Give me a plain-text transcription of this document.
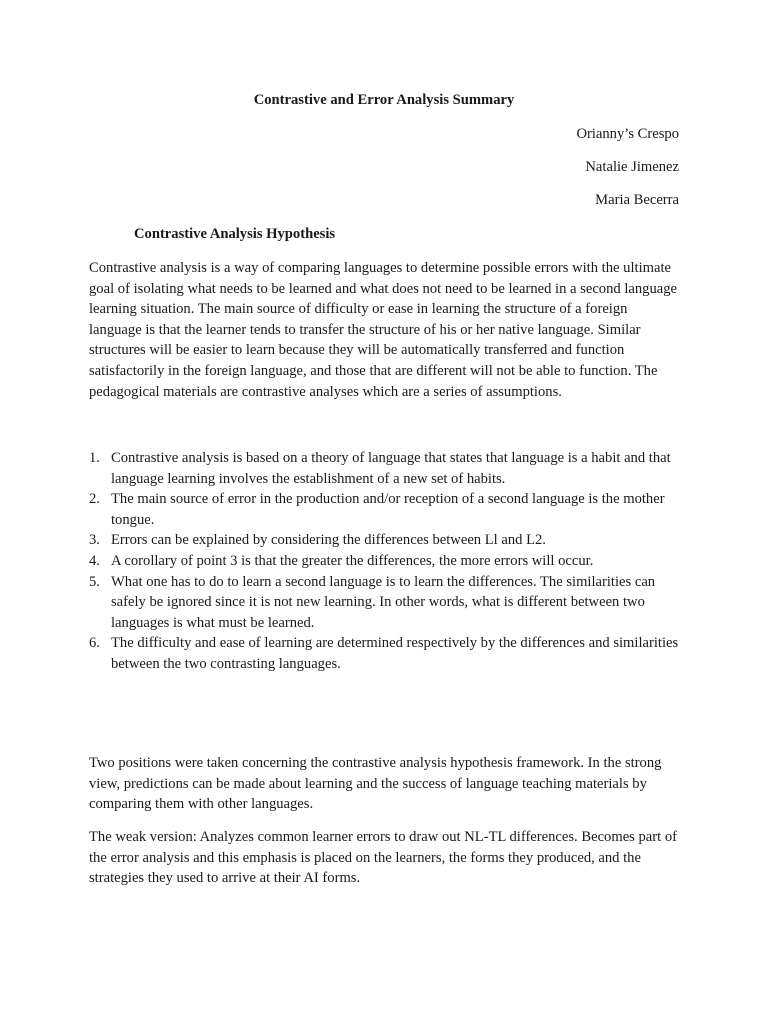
Contrastive and Error Analysis Summary
Orianny’s Crespo
Natalie Jimenez
Maria Becerra
Contrastive Analysis Hypothesis

Contrastive analysis is a way of comparing languages to determine possible errors with the ultimate goal of isolating what needs to be learned and what does not need to be learned in a second language learning situation. The main source of difficulty or ease in learning the structure of a foreign language is that the learner tends to transfer the structure of his or her native language. Similar structures will be easier to learn because they will be automatically transferred and function satisfactorily in the foreign language, and those that are different will not be able to function. The pedagogical materials are contrastive analyses which are a series of assumptions.

1. Contrastive analysis is based on a theory of language that states that language is a habit and that language learning involves the establishment of a new set of habits.
2. The main source of error in the production and/or reception of a second language is the mother tongue.
3. Errors can be explained by considering the differences between Ll and L2.
4. A corollary of point 3 is that the greater the differences, the more errors will occur.
5. What one has to do to learn a second language is to learn the differences. The similarities can safely be ignored since it is not new learning. In other words, what is different between two languages is what must be learned.
6. The difficulty and ease of learning are determined respectively by the differences and similarities between the two contrasting languages.

Two positions were taken concerning the contrastive analysis hypothesis framework. In the strong view, predictions can be made about learning and the success of language teaching materials by comparing them with other languages.

The weak version: Analyzes common learner errors to draw out NL-TL differences. Becomes part of the error analysis and this emphasis is placed on the learners, the forms they produced, and the strategies they used to arrive at their AI forms.
